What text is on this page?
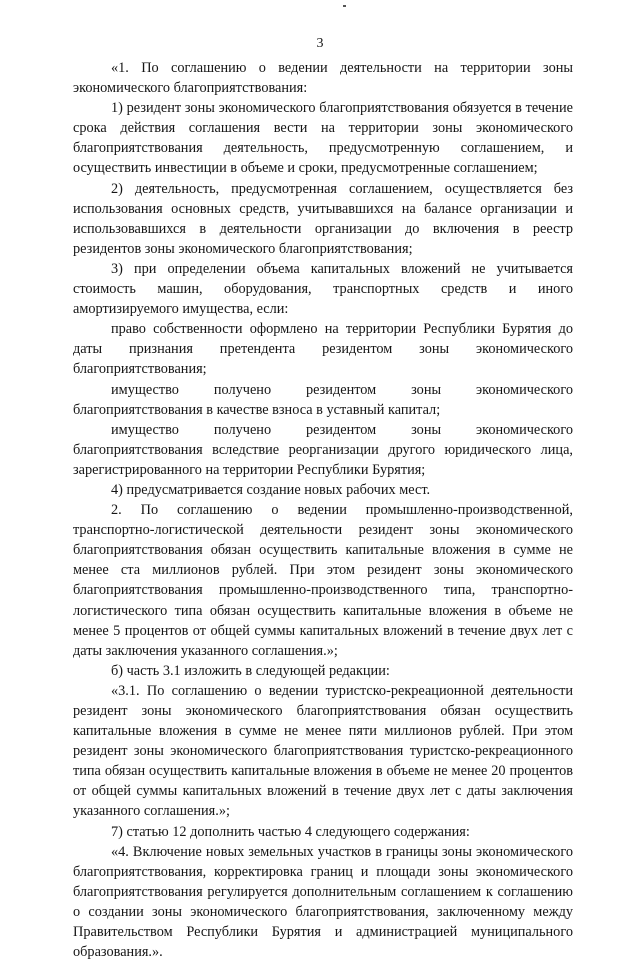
3

«1. По соглашению о ведении деятельности на территории зоны экономического благоприятствования:

1) резидент зоны экономического благоприятствования обязуется в течение срока действия соглашения вести на территории зоны экономического благоприятствования деятельность, предусмотренную соглашением, и осуществить инвестиции в объеме и сроки, предусмотренные соглашением;

2) деятельность, предусмотренная соглашением, осуществляется без использования основных средств, учитывавшихся на балансе организации и использовавшихся в деятельности организации до включения в реестр резидентов зоны экономического благоприятствования;

3) при определении объема капитальных вложений не учитывается стоимость машин, оборудования, транспортных средств и иного амортизируемого имущества, если:

право собственности оформлено на территории Республики Бурятия до даты признания претендента резидентом зоны экономического благоприятствования;

имущество получено резидентом зоны экономического благоприятствования в качестве взноса в уставный капитал;

имущество получено резидентом зоны экономического благоприятствования вследствие реорганизации другого юридического лица, зарегистрированного на территории Республики Бурятия;

4) предусматривается создание новых рабочих мест.

2. По соглашению о ведении промышленно-производственной, транспортно-логистической деятельности резидент зоны экономического благоприятствования обязан осуществить капитальные вложения в сумме не менее ста миллионов рублей. При этом резидент зоны экономического благоприятствования промышленно-производственного типа, транспортно-логистического типа обязан осуществить капитальные вложения в объеме не менее 5 процентов от общей суммы капитальных вложений в течение двух лет с даты заключения указанного соглашения.»;

б) часть 3.1 изложить в следующей редакции:

«3.1. По соглашению о ведении туристско-рекреационной деятельности резидент зоны экономического благоприятствования обязан осуществить капитальные вложения в сумме не менее пяти миллионов рублей. При этом резидент зоны экономического благоприятствования туристско-рекреационного типа обязан осуществить капитальные вложения в объеме не менее 20 процентов от общей суммы капитальных вложений в течение двух лет с даты заключения указанного соглашения.»;

7) статью 12 дополнить частью 4 следующего содержания:

«4. Включение новых земельных участков в границы зоны экономического благоприятствования, корректировка границ и площади зоны экономического благоприятствования регулируется дополнительным соглашением к соглашению о создании зоны экономического благоприятствования, заключенному между Правительством Республики Бурятия и администрацией муниципального образования.».
